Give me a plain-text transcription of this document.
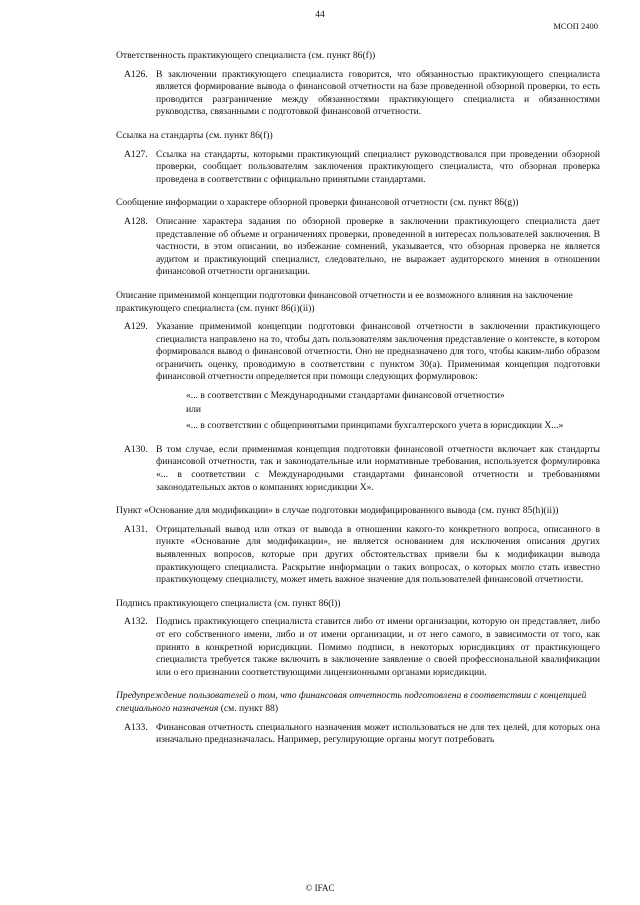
44
МСОП 2400
Ответственность практикующего специалиста (см. пункт 86(f))
A126. В заключении практикующего специалиста говорится, что обязанностью практикующего специалиста является формирование вывода о финансовой отчетности на базе проведенной обзорной проверки, то есть проводится разграничение между обязанностями практикующего специалиста и обязанностями руководства, связанными с подготовкой финансовой отчетности.
Ссылка на стандарты (см. пункт 86(f))
A127. Ссылка на стандарты, которыми практикующий специалист руководствовался при проведении обзорной проверки, сообщает пользователям заключения практикующего специалиста, что обзорная проверка проведена в соответствии с официально принятыми стандартами.
Сообщение информации о характере обзорной проверки финансовой отчетности (см. пункт 86(g))
A128. Описание характера задания по обзорной проверке в заключении практикующего специалиста дает представление об объеме и ограничениях проверки, проведенной в интересах пользователей заключения. В частности, в этом описании, во избежание сомнений, указывается, что обзорная проверка не является аудитом и практикующий специалист, следовательно, не выражает аудиторского мнения в отношении финансовой отчетности организации.
Описание применимой концепции подготовки финансовой отчетности и ее возможного влияния на заключение практикующего специалиста (см. пункт 86(i)(ii))
A129. Указание применимой концепции подготовки финансовой отчетности в заключении практикующего специалиста направлено на то, чтобы дать пользователям заключения представление о контексте, в котором формировался вывод о финансовой отчетности. Оно не предназначено для того, чтобы каким-либо образом ограничить оценку, проводимую в соответствии с пунктом 30(а). Применимая концепция подготовки финансовой отчетности определяется при помощи следующих формулировок:
«... в соответствии с Международными стандартами финансовой отчетности»
или
«... в соответствии с общепринятыми принципами бухгалтерского учета в юрисдикции X...»
A130. В том случае, если применимая концепция подготовки финансовой отчетности включает как стандарты финансовой отчетности, так и законодательные или нормативные требования, используется формулировка «... в соответствии с Международными стандартами финансовой отчетности и требованиями законодательных актов о компаниях юрисдикции X».
Пункт «Основание для модификации» в случае подготовки модифицированного вывода (см. пункт 85(h)(ii))
A131. Отрицательный вывод или отказ от вывода в отношении какого-то конкретного вопроса, описанного в пункте «Основание для модификации», не является основанием для исключения описания других выявленных вопросов, которые при других обстоятельствах привели бы к модификации вывода практикующего специалиста. Раскрытие информации о таких вопросах, о которых могло стать известно практикующему специалисту, может иметь важное значение для пользователей финансовой отчетности.
Подпись практикующего специалиста (см. пункт 86(l))
A132. Подпись практикующего специалиста ставится либо от имени организации, которую он представляет, либо от его собственного имени, либо и от имени организации, и от него самого, в зависимости от того, как принято в конкретной юрисдикции. Помимо подписи, в некоторых юрисдикциях от практикующего специалиста требуется также включить в заключение заявление о своей профессиональной квалификации или о его признании соответствующими лицензионными органами юрисдикции.
Предупреждение пользователей о том, что финансовая отчетность подготовлена в соответствии с концепцией специального назначения (см. пункт 88)
A133. Финансовая отчетность специального назначения может использоваться не для тех целей, для которых она изначально предназначалась. Например, регулирующие органы могут потребовать
© IFAC
